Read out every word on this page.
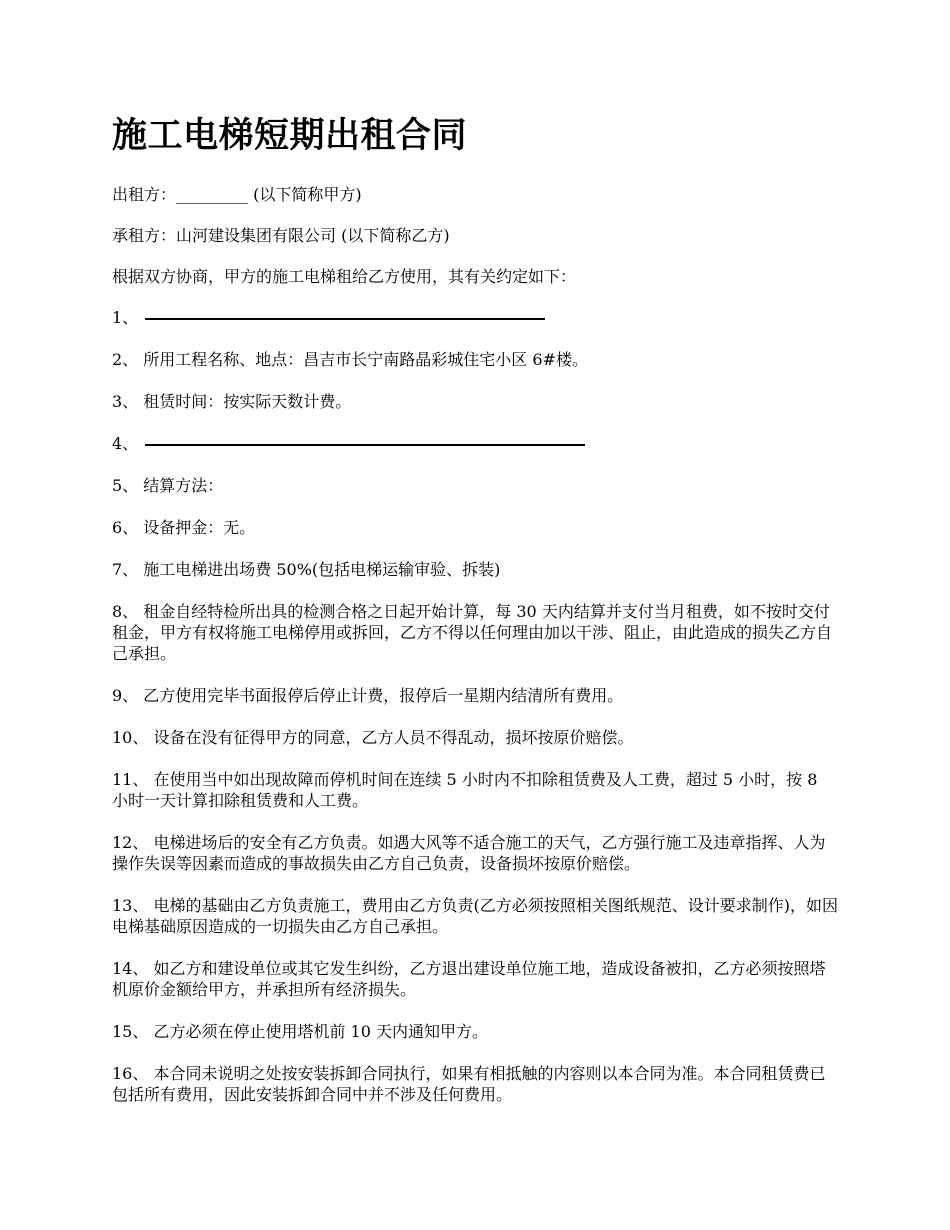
施工电梯短期出租合同
出租方：_________ (以下简称甲方)
承租方：山河建设集团有限公司 (以下简称乙方)
根据双方协商，甲方的施工电梯租给乙方使用，其有关约定如下：
1、
2、 所用工程名称、地点：昌吉市长宁南路晶彩城住宅小区 6#楼。
3、 租赁时间：按实际天数计费。
4、
5、 结算方法：
6、 设备押金：无。
7、 施工电梯进出场费 50%(包括电梯运输审验、拆装)
8、 租金自经特检所出具的检测合格之日起开始计算，每 30 天内结算并支付当月租费，如不按时交付租金，甲方有权将施工电梯停用或拆回，乙方不得以任何理由加以干涉、阻止，由此造成的损失乙方自己承担。
9、 乙方使用完毕书面报停后停止计费，报停后一星期内结清所有费用。
10、 设备在没有征得甲方的同意，乙方人员不得乱动，损坏按原价赔偿。
11、 在使用当中如出现故障而停机时间在连续 5 小时内不扣除租赁费及人工费，超过 5 小时，按 8 小时一天计算扣除租赁费和人工费。
12、 电梯进场后的安全有乙方负责。如遇大风等不适合施工的天气，乙方强行施工及违章指挥、人为操作失误等因素而造成的事故损失由乙方自己负责，设备损坏按原价赔偿。
13、 电梯的基础由乙方负责施工，费用由乙方负责(乙方必须按照相关图纸规范、设计要求制作)，如因电梯基础原因造成的一切损失由乙方自己承担。
14、 如乙方和建设单位或其它发生纠纷，乙方退出建设单位施工地，造成设备被扣，乙方必须按照塔机原价金额给甲方，并承担所有经济损失。
15、 乙方必须在停止使用塔机前 10 天内通知甲方。
16、 本合同未说明之处按安装拆卸合同执行，如果有相抵触的内容则以本合同为准。本合同租赁费已包括所有费用，因此安装拆卸合同中并不涉及任何费用。
